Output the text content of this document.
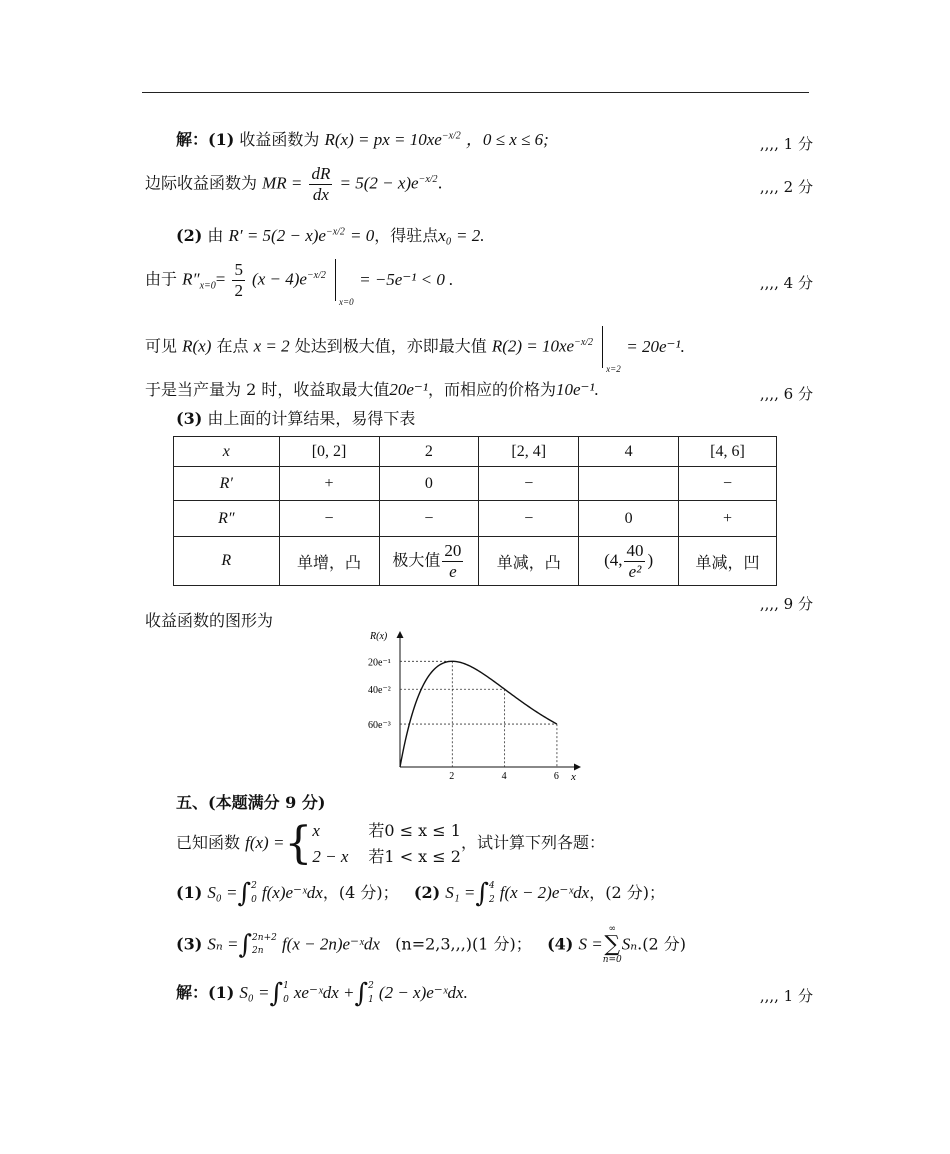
解：(1) 收益函数为 R(x) = px = $10xe^{-x/2}$ ，0 ≤ x ≤ 6;	,,,, 1 分
边际收益函数为 MR = $\frac{dR}{dx} = 5(2 - x)e^{-x/2}$.	,,,, 2 分
(2) 由 $R' = 5(2 - x)e^{-x/2} = 0$，得驻点x₀ = 2.
由于 $R''_{x=0}= \frac{5}{2} (x - 4)e^{-x/2}$
x=0
= −5e⁻¹ < 0 .	,,,, 4 分
可见 R(x) 在点 x = 2 处达到极大值，亦即最大值 $R(2) = 10xe^{-x/2}$
x=2
= 20e⁻¹.
于是当产量为 2 时，收益取最大值20e⁻¹，而相应的价格为10e⁻¹.	,,,, 6 分
(3) 由上面的计算结果，易得下表
x	[0, 2]	2	[2, 4]	4	[4, 6]
R′	+	0	−		−
R″	−	−	−	0	+
R	单增，凸	极大值 $\frac{20}{e}$	单减，凸	(4, $\frac{40}{\text{e²}}$ )	单减，凹
,,,, 9 分
收益函数的图形为
R(x)
x
2
20e⁻¹
4
40e⁻²
6
60e⁻³
五、(本题满分 9 分)
已知函数 f(x) ={x	若0 ≤ x ≤ 1
2 − x 若1 < x ≤ 2，试计算下列各题：
(1) S₀ =∫2
0 f(x)e⁻ˣdx，(4 分)； (2) S₁ =∫4
2 f(x − 2)e⁻ˣdx，(2 分)；
(3) Sₙ =∫2n+2
2n f(x − 2n)e⁻ˣdx (n=2,3,,,)(1 分)； (4) S =
∞
∑
n=0
Sₙ.(2 分)
解：(1) S₀ =∫1
0 xe⁻ˣdx +∫2
1 (2 − x)e⁻ˣdx.	,,,, 1 分
